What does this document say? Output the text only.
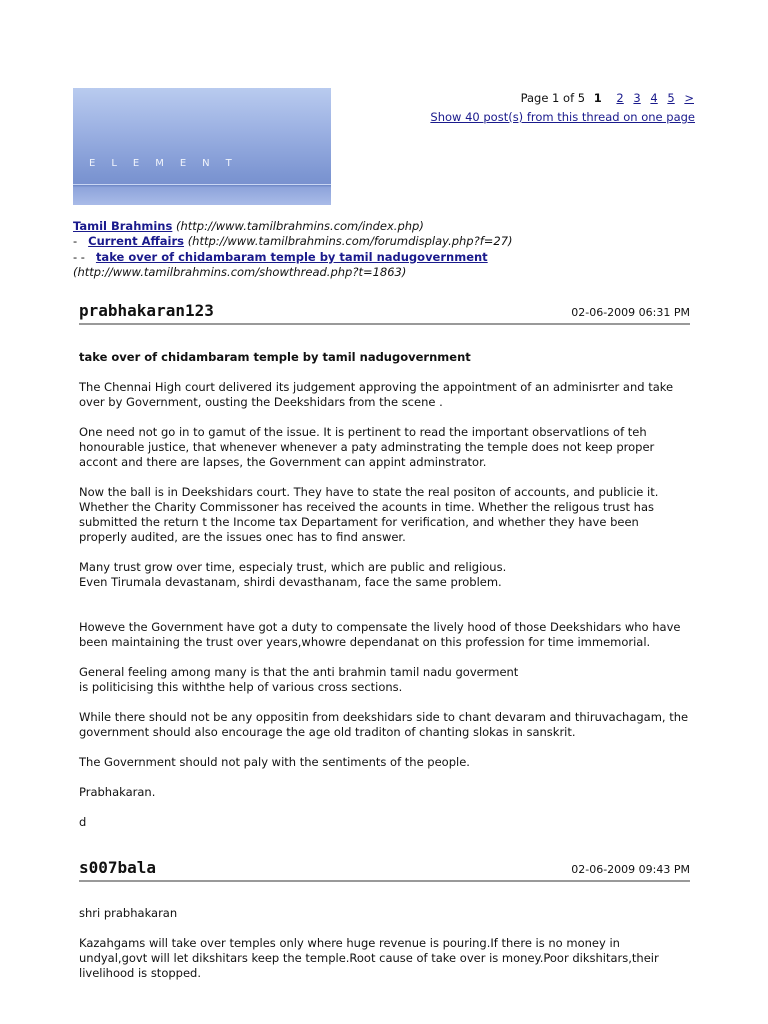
ELEMENT
Page 1 of 5 1 2 3 4 5 >
Show 40 post(s) from this thread on one page
Tamil Brahmins (http://www.tamilbrahmins.com/index.php)
- Current Affairs (http://www.tamilbrahmins.com/forumdisplay.php?f=27)
- - take over of chidambaram temple by tamil nadugovernment
(http://www.tamilbrahmins.com/showthread.php?t=1863)
prabhakaran123	02-06-2009 06:31 PM
take over of chidambaram temple by tamil nadugovernment

The Chennai High court delivered its judgement approving the appointment of an adminisrter and take
over by Government, ousting the Deekshidars from the scene .

One need not go in to gamut of the issue. It is pertinent to read the important observatlions of teh
honourable justice, that whenever whenever a paty adminstrating the temple does not keep proper
accont and there are lapses, the Government can appint adminstrator.

Now the ball is in Deekshidars court. They have to state the real positon of accounts, and publicie it.
Whether the Charity Commissoner has received the acounts in time. Whether the religous trust has
submitted the return t the Income tax Departament for verification, and whether they have been
properly audited, are the issues onec has to find answer.

Many trust grow over time, especialy trust, which are public and religious.
Even Tirumala devastanam, shirdi devasthanam, face the same problem.

Howeve the Government have got a duty to compensate the lively hood of those Deekshidars who have
been maintaining the trust over years,whowre dependanat on this profession for time immemorial.

General feeling among many is that the anti brahmin tamil nadu goverment
is politicising this withthe help of various cross sections.

While there should not be any oppositin from deekshidars side to chant devaram and thiruvachagam, the
government should also encourage the age old traditon of chanting slokas in sanskrit.

The Government should not paly with the sentiments of the people.

Prabhakaran.

d

s007bala	02-06-2009 09:43 PM

shri prabhakaran

Kazahgams will take over temples only where huge revenue is pouring.If there is no money in
undyal,govt will let dikshitars keep the temple.Root cause of take over is money.Poor dikshitars,their
livelihood is stopped.
